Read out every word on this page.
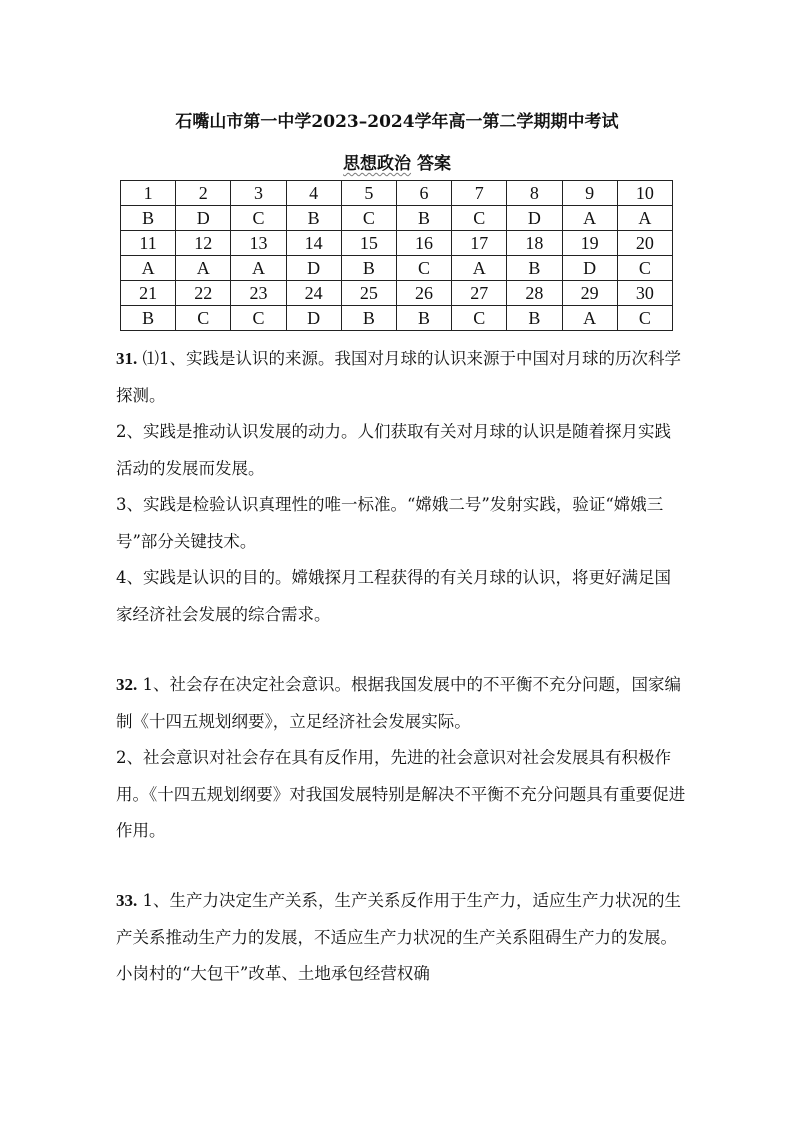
石嘴山市第一中学2023–2024学年高一第二学期期中考试
思想政治 答案
1	2	3	4	5	6	7	8	9	10
B	D	C	B	C	B	C	D	A	A
11	12	13	14	15	16	17	18	19	20
A	A	A	D	B	C	A	B	D	C
21	22	23	24	25	26	27	28	29	30
B	C	C	D	B	B	C	B	A	C

31. ⑴1、实践是认识的来源。我国对月球的认识来源于中国对月球的历次科学探测。

2、实践是推动认识发展的动力。人们获取有关对月球的认识是随着探月实践活动的发展而发展。

3、实践是检验认识真理性的唯一标准。“嫦娥二号”发射实践，验证“嫦娥三号”部分关键技术。

4、实践是认识的目的。嫦娥探月工程获得的有关月球的认识，将更好满足国家经济社会发展的综合需求。

32. 1、社会存在决定社会意识。根据我国发展中的不平衡不充分问题，国家编制《十四五规划纲要》，立足经济社会发展实际。

2、社会意识对社会存在具有反作用，先进的社会意识对社会发展具有积极作用。《十四五规划纲要》对我国发展特别是解决不平衡不充分问题具有重要促进作用。

33. 1、生产力决定生产关系，生产关系反作用于生产力，适应生产力状况的生产关系推动生产力的发展，不适应生产力状况的生产关系阻碍生产力的发展。小岗村的“大包干”改革、土地承包经营权确
